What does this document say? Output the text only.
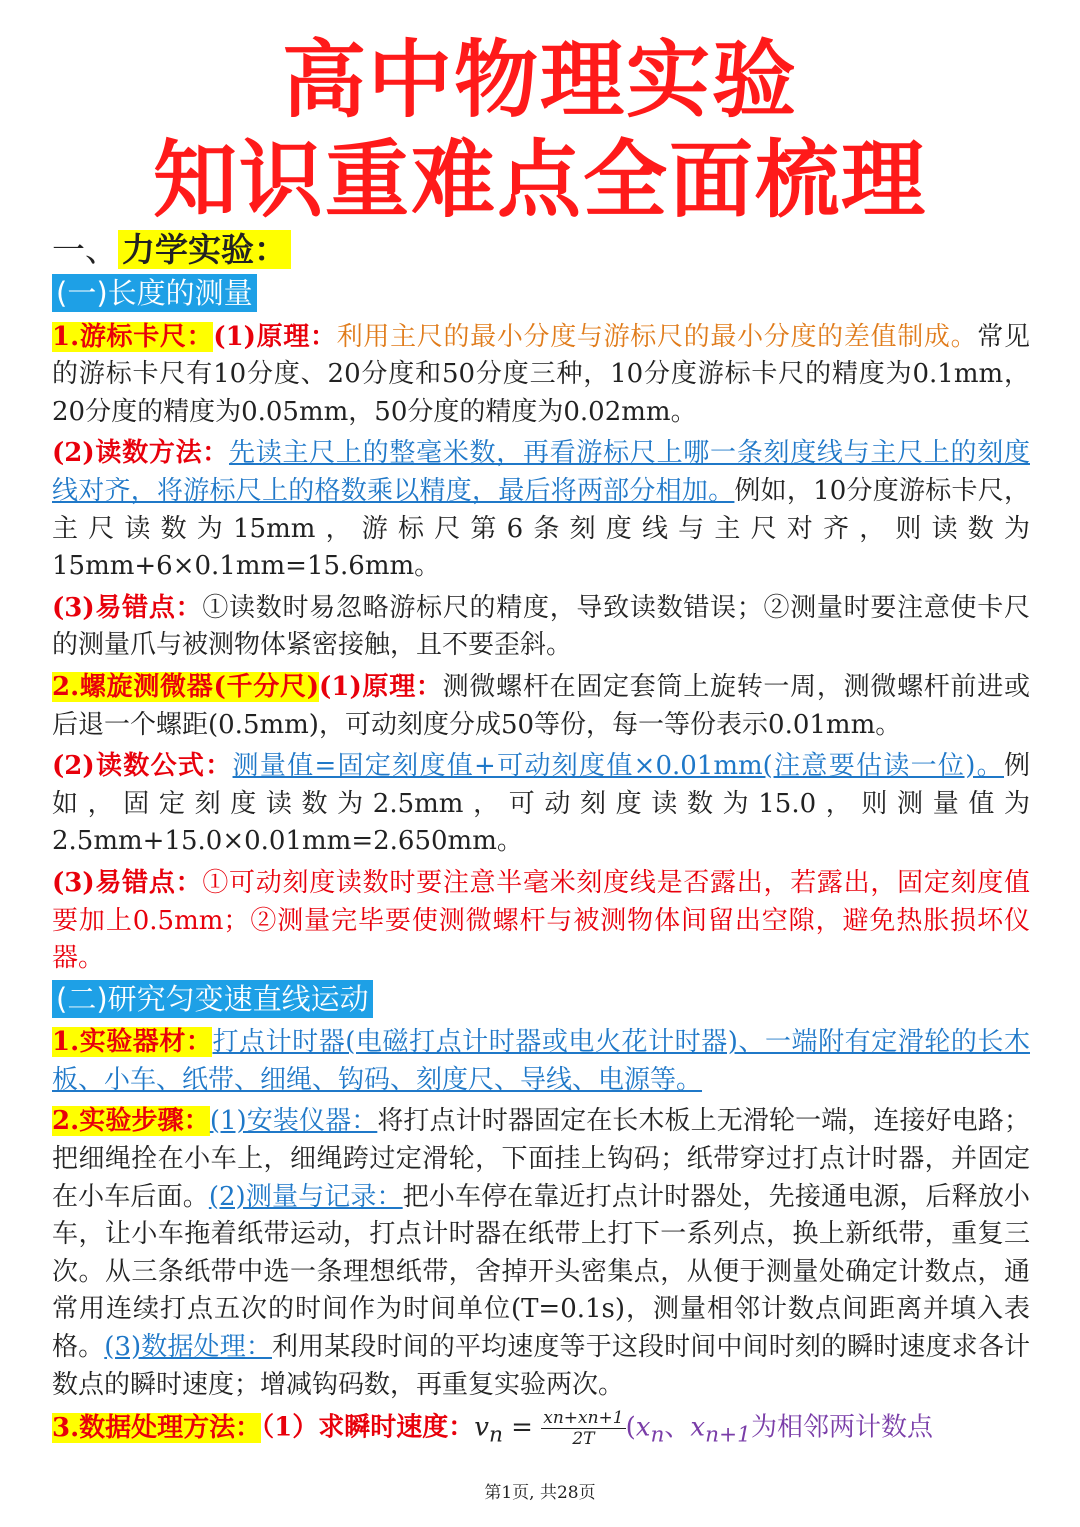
高中物理实验
知识重难点全面梳理
一、 力学实验：
(一)长度的测量

1.游标卡尺：(1)原理：利用主尺的最小分度与游标尺的最小分度的差值制成。常见的游标卡尺有10分度、20分度和50分度三种，10分度游标卡尺的精度为0.1mm，20分度的精度为0.05mm，50分度的精度为0.02mm。

(2)读数方法：先读主尺上的整毫米数，再看游标尺上哪一条刻度线与主尺上的刻度线对齐，将游标尺上的格数乘以精度，最后将两部分相加。例如，10分度游标卡尺，主尺读数为15mm，游标尺第6条刻度线与主尺对齐，则读数为15mm+6×0.1mm=15.6mm。

(3)易错点：①读数时易忽略游标尺的精度，导致读数错误；②测量时要注意使卡尺的测量爪与被测物体紧密接触，且不要歪斜。

2.螺旋测微器(千分尺)(1)原理：测微螺杆在固定套筒上旋转一周，测微螺杆前进或后退一个螺距(0.5mm)，可动刻度分成50等份，每一等份表示0.01mm。

(2)读数公式：测量值=固定刻度值+可动刻度值×0.01mm(注意要估读一位)。例如，固定刻度读数为2.5mm，可动刻度读数为15.0，则测量值为2.5mm+15.0×0.01mm=2.650mm。

(3)易错点：①可动刻度读数时要注意半毫米刻度线是否露出，若露出，固定刻度值要加上0.5mm；②测量完毕要使测微螺杆与被测物体间留出空隙，避免热胀损坏仪器。

(二)研究匀变速直线运动

1.实验器材：打点计时器(电磁打点计时器或电火花计时器)、一端附有定滑轮的长木板、小车、纸带、细绳、钩码、刻度尺、导线、电源等。

2.实验步骤：(1)安装仪器：将打点计时器固定在长木板上无滑轮一端，连接好电路；把细绳拴在小车上，细绳跨过定滑轮，下面挂上钩码；纸带穿过打点计时器，并固定在小车后面。(2)测量与记录：把小车停在靠近打点计时器处，先接通电源，后释放小车，让小车拖着纸带运动，打点计时器在纸带上打下一系列点，换上新纸带，重复三次。从三条纸带中选一条理想纸带，舍掉开头密集点，从便于测量处确定计数点，通常用连续打点五次的时间作为时间单位(T=0.1s)，测量相邻计数点间距离并填入表格。(3)数据处理：利用某段时间的平均速度等于这段时间中间时刻的瞬时速度求各计数点的瞬时速度；增减钩码数，再重复实验两次。

3.数据处理方法：（1）求瞬时速度：$v_n = \frac{xn+xn+1}{2T} (x_n$、$x_{n+1}$为相邻两计数点

第1页, 共28页
